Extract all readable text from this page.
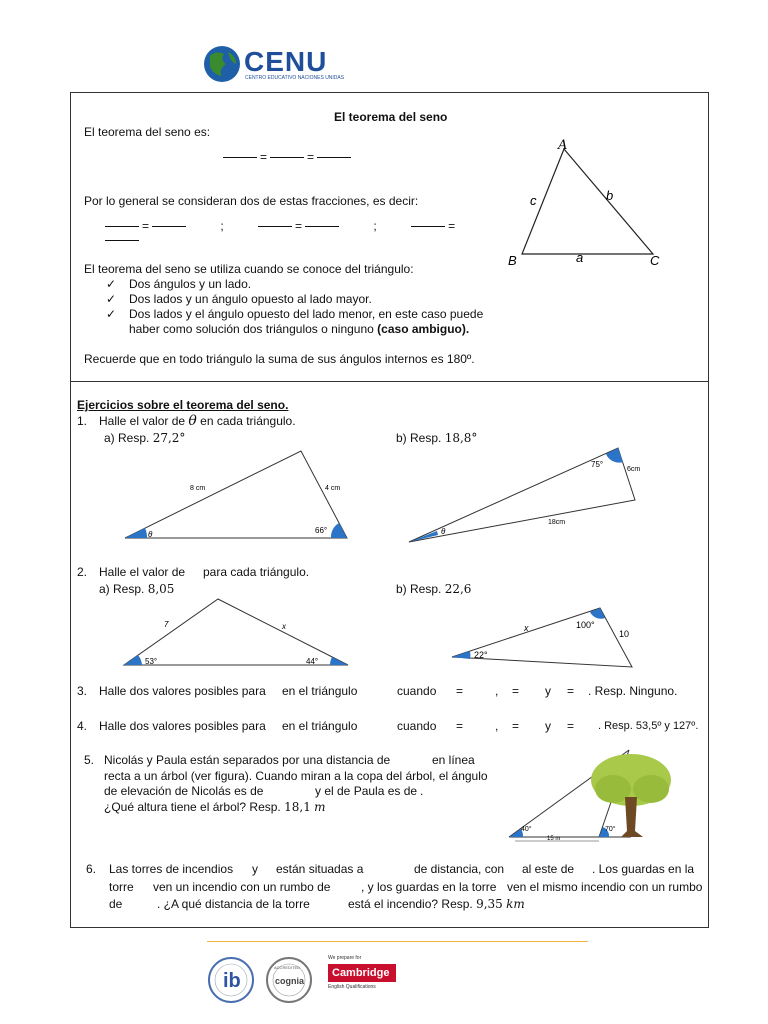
CENU
CENTRO EDUCATIVO NACIONES UNIDAS
El teorema del seno
El teorema del seno es:
=	=
Por lo general se consideran dos de estas fracciones, es decir:
=	;	=	;	=
El teorema del seno se utiliza cuando se conoce del triángulo:
✓ Dos ángulos y un lado.
✓ Dos lados y un ángulo opuesto al lado mayor.
✓ Dos lados y el ángulo opuesto del lado menor, en este caso puede
haber como solución dos triángulos o ninguno (caso ambiguo).
Recuerde que en todo triángulo la suma de sus ángulos internos es 180º.
A
B	C
a
b
c
Ejercicios sobre el teorema del seno.
1. Halle el valor de θ en cada triángulo.
a) Resp. 27,2°	b) Resp. 18,8°
8 cm	4 cm
66°
θ
75°
6cm
18cm
θ
2. Halle el valor de para cada triángulo.
a) Resp. 8,05	b) Resp. 22,6
7	x
53°	44°
x
10
100°
22°
3. Halle dos valores posibles para en el triángulo	cuando =	, = y = . Resp. Ninguno.
4. Halle dos valores posibles para en el triángulo	cuando =	, = y = . Resp. 53,5º y 127º.
5. Nicolás y Paula están separados por una distancia de	en línea
recta a un árbol (ver figura). Cuando miran a la copa del árbol, el ángulo
de elevación de Nicolás es de	y el de Paula es de .
¿Qué altura tiene el árbol? Resp. 18,1 m
40°	70°
15 m
6. Las torres de incendios y están situadas a	de distancia, con al este de . Los guardas en la
torre ven un incendio con un rumbo de	, y los guardas en la torre ven el mismo incendio con un rumbo
de	. ¿A qué distancia de la torre	está el incendio? Resp. 9,35 km
ib
ACCREDITED
cognia
We prepare for
Cambridge
English Qualifications
